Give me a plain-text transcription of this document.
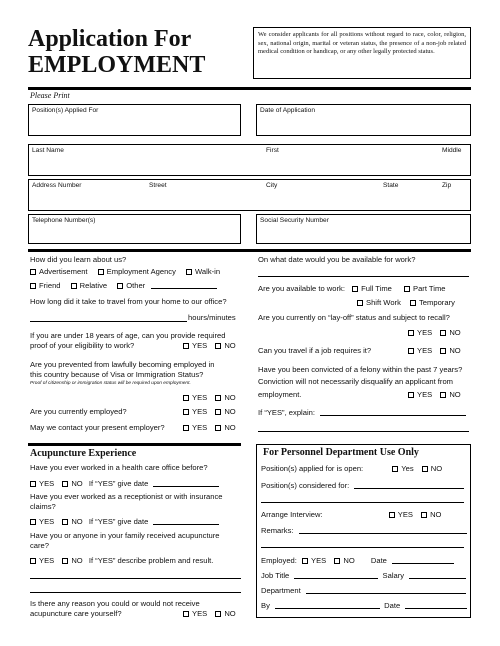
Application For
EMPLOYMENT
We consider applicants for all positions without regard to race, color, religion, sex, national origin, marital or veteran status, the presence of a non-job related medical condition or handicap, or any other legally protected status.
Please Print
Position(s) Applied For	Date of Application
Last Name	First	Middle
Address Number	Street	City	State	Zip
Telephone Number(s)	Social Security Number
How did you learn about us?
Advertisement	Employment Agency	Walk-in
Friend	Relative	Other
How long did it take to travel from your home to our office?
hours/minutes
If you are under 18 years of age, can you provide required
proof of your eligibility to work?	YES NO
Are you prevented from lawfully becoming employed in
this country because of Visa or Immigration Status?
Proof of citizenship or immigration status will be required upon employment.
YES NO
Are you currently employed?	YES NO
May we contact your present employer?	YES NO
On what date would you be available for work?
Are you available to work: Full Time	Part Time
Shift Work Temporary
Are you currently on “lay-off” status and subject to recall?
YES NO
Can you travel if a job requires it?	YES NO
Have you been convicted of a felony within the past 7 years?
Conviction will not necessarily disqualify an applicant from
employment.	YES NO
If “YES”, explain:
Acupuncture Experience
Have you ever worked in a health care office before?
YES NO If “YES” give date
Have you ever worked as a receptionist or with insurance
claims?
YES NO If “YES” give date
Have you or anyone in your family received acupuncture
care?
YES NO If “YES” describe problem and result.
Is there any reason you could or would not receive
acupuncture care yourself?	YES NO
For Personnel Department Use Only
Position(s) applied for is open:	Yes NO
Position(s) considered for:
Arrange Interview:	YES NO
Remarks:
Employed: YES NO Date
Job Title	Salary
Department
By	Date
